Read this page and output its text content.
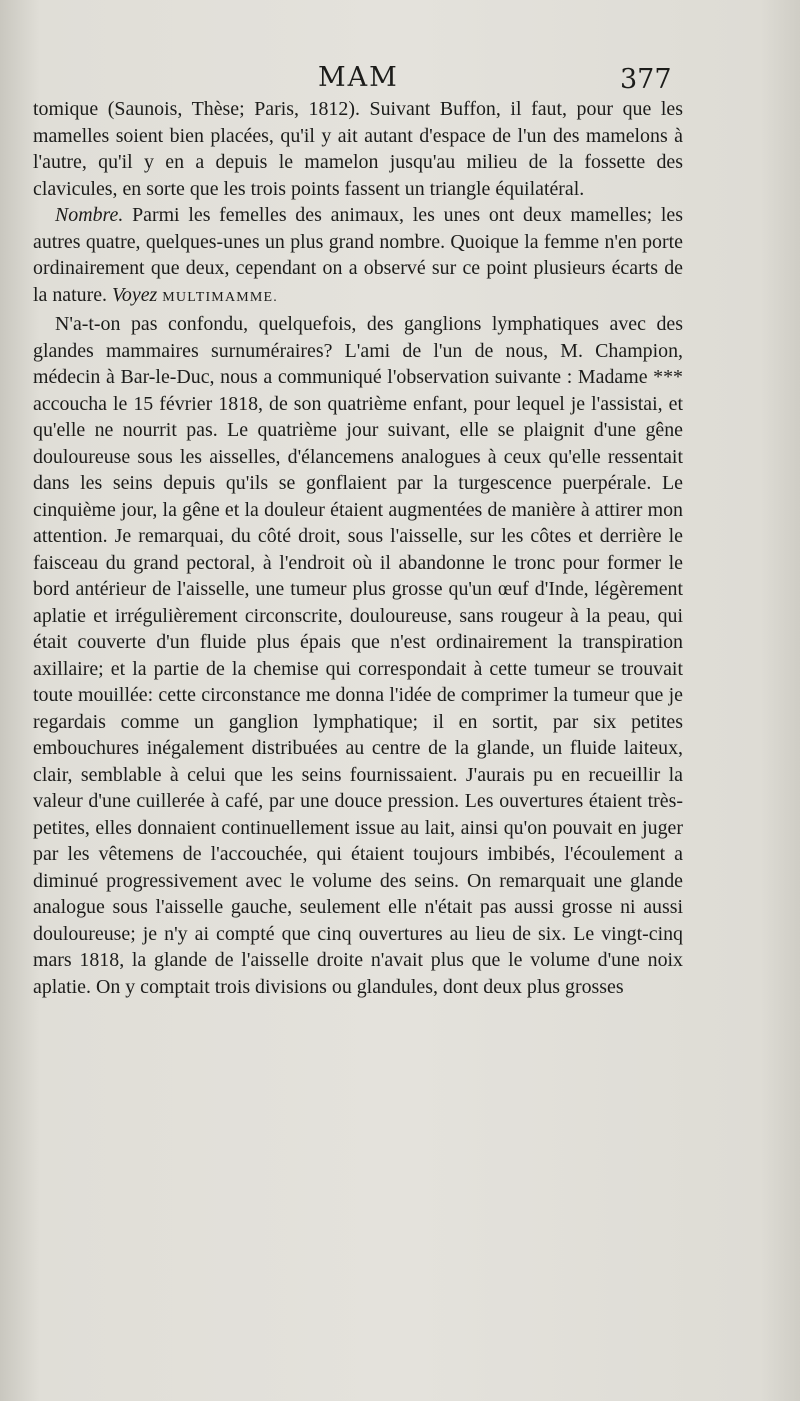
MAM	377

tomique (Saunois, Thèse; Paris, 1812). Suivant Buffon, il faut, pour que les mamelles soient bien placées, qu'il y ait autant d'espace de l'un des mamelons à l'autre, qu'il y en a depuis le mamelon jusqu'au milieu de la fossette des clavicules, en sorte que les trois points fassent un triangle équilatéral.

Nombre. Parmi les femelles des animaux, les unes ont deux mamelles; les autres quatre, quelques-unes un plus grand nombre. Quoique la femme n'en porte ordinairement que deux, cependant on a observé sur ce point plusieurs écarts de la nature. Voyez MULTIMAMME.

N'a-t-on pas confondu, quelquefois, des ganglions lymphatiques avec des glandes mammaires surnuméraires? L'ami de l'un de nous, M. Champion, médecin à Bar-le-Duc, nous a communiqué l'observation suivante : Madame *** accoucha le 15 février 1818, de son quatrième enfant, pour lequel je l'assistai, et qu'elle ne nourrit pas. Le quatrième jour suivant, elle se plaignit d'une gêne douloureuse sous les aisselles, d'élancemens analogues à ceux qu'elle ressentait dans les seins depuis qu'ils se gonflaient par la turgescence puerpérale. Le cinquième jour, la gêne et la douleur étaient augmentées de manière à attirer mon attention. Je remarquai, du côté droit, sous l'aisselle, sur les côtes et derrière le faisceau du grand pectoral, à l'endroit où il abandonne le tronc pour former le bord antérieur de l'aisselle, une tumeur plus grosse qu'un œuf d'Inde, légèrement aplatie et irrégulièrement circonscrite, douloureuse, sans rougeur à la peau, qui était couverte d'un fluide plus épais que n'est ordinairement la transpiration axillaire; et la partie de la chemise qui correspondait à cette tumeur se trouvait toute mouillée: cette circonstance me donna l'idée de comprimer la tumeur que je regardais comme un ganglion lymphatique; il en sortit, par six petites embouchures inégalement distribuées au centre de la glande, un fluide laiteux, clair, semblable à celui que les seins fournissaient. J'aurais pu en recueillir la valeur d'une cuillerée à café, par une douce pression. Les ouvertures étaient très-petites, elles donnaient continuellement issue au lait, ainsi qu'on pouvait en juger par les vêtemens de l'accouchée, qui étaient toujours imbibés, l'écoulement a diminué progressivement avec le volume des seins. On remarquait une glande analogue sous l'aisselle gauche, seulement elle n'était pas aussi grosse ni aussi douloureuse; je n'y ai compté que cinq ouvertures au lieu de six. Le vingt-cinq mars 1818, la glande de l'aisselle droite n'avait plus que le volume d'une noix aplatie. On y comptait trois divisions ou glandules, dont deux plus grosses
